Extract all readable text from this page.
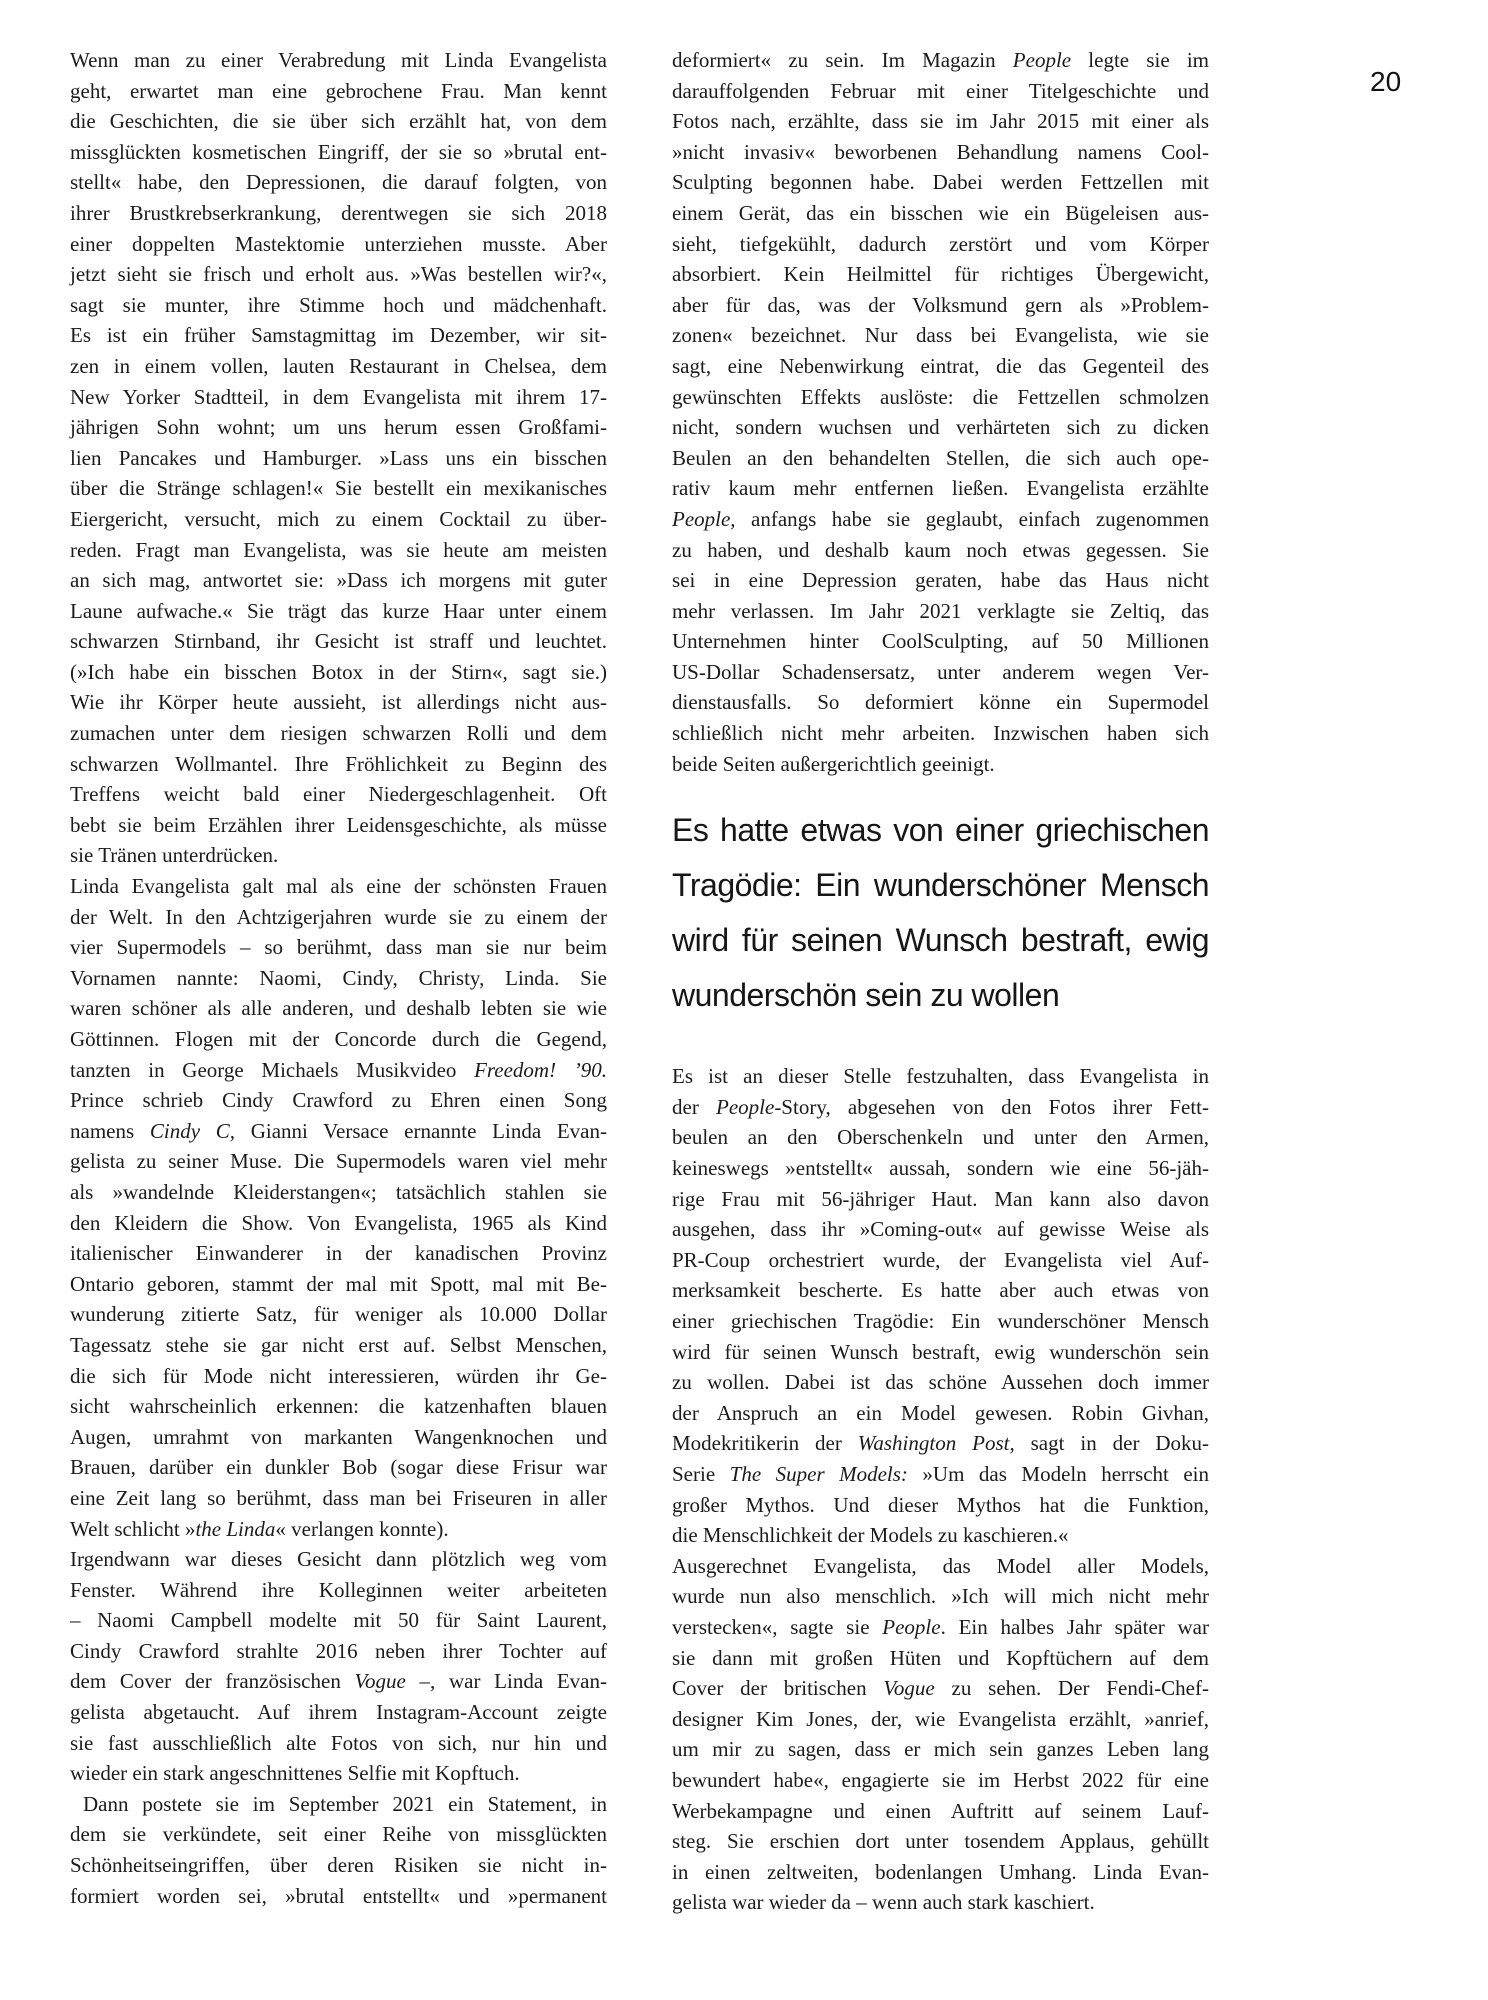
20
Wenn man zu einer Verabredung mit Linda Evangelista
geht, erwartet man eine gebrochene Frau. Man kennt
die Geschichten, die sie über sich erzählt hat, von dem
missglückten kosmetischen Eingriff, der sie so »brutal ent-
stellt« habe, den Depressionen, die darauf folgten, von
ihrer Brustkrebserkrankung, derentwegen sie sich 2018
einer doppelten Mastektomie unterziehen musste. Aber
jetzt sieht sie frisch und erholt aus. »Was bestellen wir?«,
sagt sie munter, ihre Stimme hoch und mädchenhaft.
Es ist ein früher Samstagmittag im Dezember, wir sit-
zen in einem vollen, lauten Restaurant in Chelsea, dem
New Yorker Stadtteil, in dem Evangelista mit ihrem 17-
jährigen Sohn wohnt; um uns herum essen Großfami-
lien Pancakes und Hamburger. »Lass uns ein bisschen
über die Stränge schlagen!« Sie bestellt ein mexikanisches
Eiergericht, versucht, mich zu einem Cocktail zu über-
reden. Fragt man Evangelista, was sie heute am meisten
an sich mag, antwortet sie: »Dass ich morgens mit guter
Laune aufwache.« Sie trägt das kurze Haar unter einem
schwarzen Stirnband, ihr Gesicht ist straff und leuchtet.
(»Ich habe ein bisschen Botox in der Stirn«, sagt sie.)
Wie ihr Körper heute aussieht, ist allerdings nicht aus-
zumachen unter dem riesigen schwarzen Rolli und dem
schwarzen Wollmantel. Ihre Fröhlichkeit zu Beginn des
Treffens weicht bald einer Niedergeschlagenheit. Oft
bebt sie beim Erzählen ihrer Leidensgeschichte, als müsse
sie Tränen unterdrücken.
Linda Evangelista galt mal als eine der schönsten Frauen
der Welt. In den Achtzigerjahren wurde sie zu einem der
vier Supermodels – so berühmt, dass man sie nur beim
Vornamen nannte: Naomi, Cindy, Christy, Linda. Sie
waren schöner als alle anderen, und deshalb lebten sie wie
Göttinnen. Flogen mit der Concorde durch die Gegend,
tanzten in George Michaels Musikvideo Freedom! ’90.
Prince schrieb Cindy Crawford zu Ehren einen Song
namens Cindy C, Gianni Versace ernannte Linda Evan-
gelista zu seiner Muse. Die Supermodels waren viel mehr
als »wandelnde Kleiderstangen«; tatsächlich stahlen sie
den Kleidern die Show. Von Evangelista, 1965 als Kind
italienischer Einwanderer in der kanadischen Provinz
Ontario geboren, stammt der mal mit Spott, mal mit Be-
wunderung zitierte Satz, für weniger als 10.000 Dollar
Tagessatz stehe sie gar nicht erst auf. Selbst Menschen,
die sich für Mode nicht interessieren, würden ihr Ge-
sicht wahrscheinlich erkennen: die katzenhaften blauen
Augen, umrahmt von markanten Wangenknochen und
Brauen, darüber ein dunkler Bob (sogar diese Frisur war
eine Zeit lang so berühmt, dass man bei Friseuren in aller
Welt schlicht »the Linda« verlangen konnte).
Irgendwann war dieses Gesicht dann plötzlich weg vom
Fenster. Während ihre Kolleginnen weiter arbeiteten
– Naomi Campbell modelte mit 50 für Saint Laurent,
Cindy Crawford strahlte 2016 neben ihrer Tochter auf
dem Cover der französischen Vogue –, war Linda Evan-
gelista abgetaucht. Auf ihrem Instagram-Account zeigte
sie fast ausschließlich alte Fotos von sich, nur hin und
wieder ein stark angeschnittenes Selfie mit Kopftuch.
Dann postete sie im September 2021 ein Statement, in
dem sie verkündete, seit einer Reihe von missglückten
Schönheitseingriffen, über deren Risiken sie nicht in-
formiert worden sei, »brutal entstellt« und »permanent
deformiert« zu sein. Im Magazin People legte sie im
darauffolgenden Februar mit einer Titelgeschichte und
Fotos nach, erzählte, dass sie im Jahr 2015 mit einer als
»nicht invasiv« beworbenen Behandlung namens Cool-
Sculpting begonnen habe. Dabei werden Fettzellen mit
einem Gerät, das ein bisschen wie ein Bügeleisen aus-
sieht, tiefgekühlt, dadurch zerstört und vom Körper
absorbiert. Kein Heilmittel für richtiges Übergewicht,
aber für das, was der Volksmund gern als »Problem-
zonen« bezeichnet. Nur dass bei Evangelista, wie sie
sagt, eine Nebenwirkung eintrat, die das Gegenteil des
gewünschten Effekts auslöste: die Fettzellen schmolzen
nicht, sondern wuchsen und verhärteten sich zu dicken
Beulen an den behandelten Stellen, die sich auch ope-
rativ kaum mehr entfernen ließen. Evangelista erzählte
People, anfangs habe sie geglaubt, einfach zugenommen
zu haben, und deshalb kaum noch etwas gegessen. Sie
sei in eine Depression geraten, habe das Haus nicht
mehr verlassen. Im Jahr 2021 verklagte sie Zeltiq, das
Unternehmen hinter CoolSculpting, auf 50 Millionen
US-Dollar Schadensersatz, unter anderem wegen Ver-
dienstausfalls. So deformiert könne ein Supermodel
schließlich nicht mehr arbeiten. Inzwischen haben sich
beide Seiten außergerichtlich geeinigt.
Es hatte etwas von einer griechischen
Tragödie: Ein wunderschöner Mensch
wird für seinen Wunsch bestraft, ewig
wunderschön sein zu wollen
Es ist an dieser Stelle festzuhalten, dass Evangelista in
der People-Story, abgesehen von den Fotos ihrer Fett-
beulen an den Oberschenkeln und unter den Armen,
keineswegs »entstellt« aussah, sondern wie eine 56-jäh-
rige Frau mit 56-jähriger Haut. Man kann also davon
ausgehen, dass ihr »Coming-out« auf gewisse Weise als
PR-Coup orchestriert wurde, der Evangelista viel Auf-
merksamkeit bescherte. Es hatte aber auch etwas von
einer griechischen Tragödie: Ein wunderschöner Mensch
wird für seinen Wunsch bestraft, ewig wunderschön sein
zu wollen. Dabei ist das schöne Aussehen doch immer
der Anspruch an ein Model gewesen. Robin Givhan,
Modekritikerin der Washington Post, sagt in der Doku-
Serie The Super Models: »Um das Modeln herrscht ein
großer Mythos. Und dieser Mythos hat die Funktion,
die Menschlichkeit der Models zu kaschieren.«
Ausgerechnet Evangelista, das Model aller Models,
wurde nun also menschlich. »Ich will mich nicht mehr
verstecken«, sagte sie People. Ein halbes Jahr später war
sie dann mit großen Hüten und Kopftüchern auf dem
Cover der britischen Vogue zu sehen. Der Fendi-Chef-
designer Kim Jones, der, wie Evangelista erzählt, »anrief,
um mir zu sagen, dass er mich sein ganzes Leben lang
bewundert habe«, engagierte sie im Herbst 2022 für eine
Werbekampagne und einen Auftritt auf seinem Lauf-
steg. Sie erschien dort unter tosendem Applaus, gehüllt
in einen zeltweiten, bodenlangen Umhang. Linda Evan-
gelista war wieder da – wenn auch stark kaschiert.
